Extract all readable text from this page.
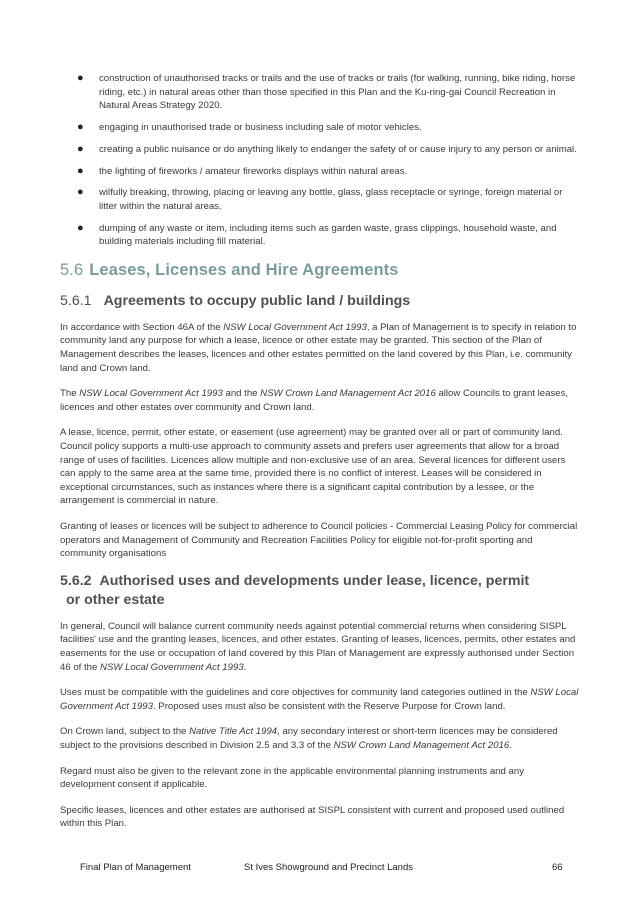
● construction of unauthorised tracks or trails and the use of tracks or trails (for walking, running, bike riding, horse riding, etc.) in natural areas other than those specified in this Plan and the Ku-ring-gai Council Recreation in Natural Areas Strategy 2020.
● engaging in unauthorised trade or business including sale of motor vehicles.
● creating a public nuisance or do anything likely to endanger the safety of or cause injury to any person or animal.
● the lighting of fireworks / amateur fireworks displays within natural areas.
● wilfully breaking, throwing, placing or leaving any bottle, glass, glass receptacle or syringe, foreign material or litter within the natural areas.
● dumping of any waste or item, including items such as garden waste, grass clippings, household waste, and building materials including fill material.
5.6 Leases, Licenses and Hire Agreements
5.6.1 Agreements to occupy public land / buildings

In accordance with Section 46A of the NSW Local Government Act 1993, a Plan of Management is to specify in relation to community land any purpose for which a lease, licence or other estate may be granted. This section of the Plan of Management describes the leases, licences and other estates permitted on the land covered by this Plan, i.e. community land and Crown land.

The NSW Local Government Act 1993 and the NSW Crown Land Management Act 2016 allow Councils to grant leases, licences and other estates over community and Crown land.

A lease, licence, permit, other estate, or easement (use agreement) may be granted over all or part of community land. Council policy supports a multi-use approach to community assets and prefers user agreements that allow for a broad range of uses of facilities. Licences allow multiple and non-exclusive use of an area. Several licences for different users can apply to the same area at the same time, provided there is no conflict of interest. Leases will be considered in exceptional circumstances, such as instances where there is a significant capital contribution by a lessee, or the arrangement is commercial in nature.

Granting of leases or licences will be subject to adherence to Council policies - Commercial Leasing Policy for commercial operators and Management of Community and Recreation Facilities Policy for eligible not-for-profit sporting and community organisations

5.6.2 Authorised uses and developments under lease, licence, permit
or other estate

In general, Council will balance current community needs against potential commercial returns when considering SISPL facilities' use and the granting leases, licences, and other estates. Granting of leases, licences, permits, other estates and easements for the use or occupation of land covered by this Plan of Management are expressly authorised under Section 46 of the NSW Local Government Act 1993.

Uses must be compatible with the guidelines and core objectives for community land categories outlined in the NSW Local Government Act 1993. Proposed uses must also be consistent with the Reserve Purpose for Crown land.

On Crown land, subject to the Native Title Act 1994, any secondary interest or short-term licences may be considered subject to the provisions described in Division 2.5 and 3.3 of the NSW Crown Land Management Act 2016.

Regard must also be given to the relevant zone in the applicable environmental planning instruments and any development consent if applicable.

Specific leases, licences and other estates are authorised at SISPL consistent with current and proposed used outlined within this Plan.

Final Plan of Management	St Ives Showground and Precinct Lands	66
